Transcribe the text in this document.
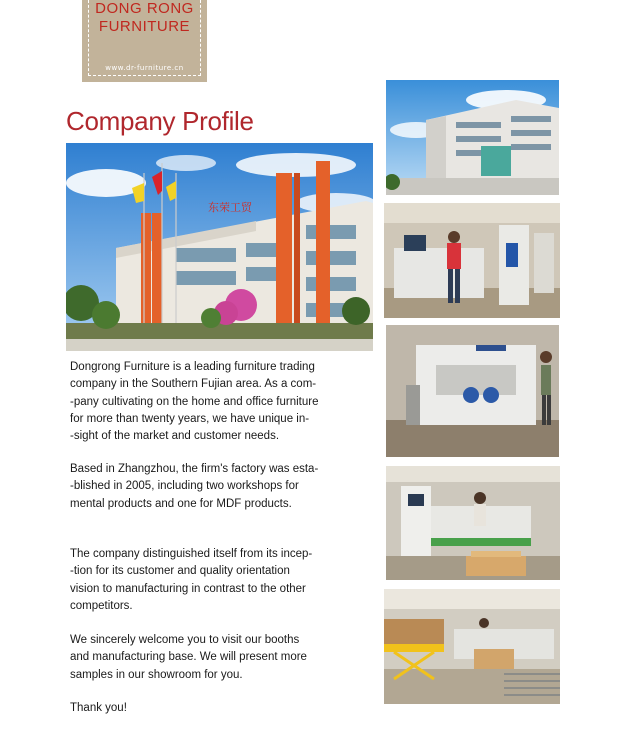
DONG RONG
FURNITURE
www.dr-furniture.cn
Company Profile
东荣工贸
Dongrong Furniture is a leading furniture trading
company in the Southern Fujian area. As a com-
-pany cultivating on the home and office furniture
for more than twenty years, we have unique in-
-sight of the market and customer needs.
Based in Zhangzhou, the firm's factory was esta-
-blished in 2005, including two workshops for
mental products and one for MDF products.
The company distinguished itself from its incep-
-tion for its customer and quality orientation
vision to manufacturing in contrast to the other
competitors.
We sincerely welcome you to visit our booths
and manufacturing base. We will present more
samples in our showroom for you.
Thank you!
